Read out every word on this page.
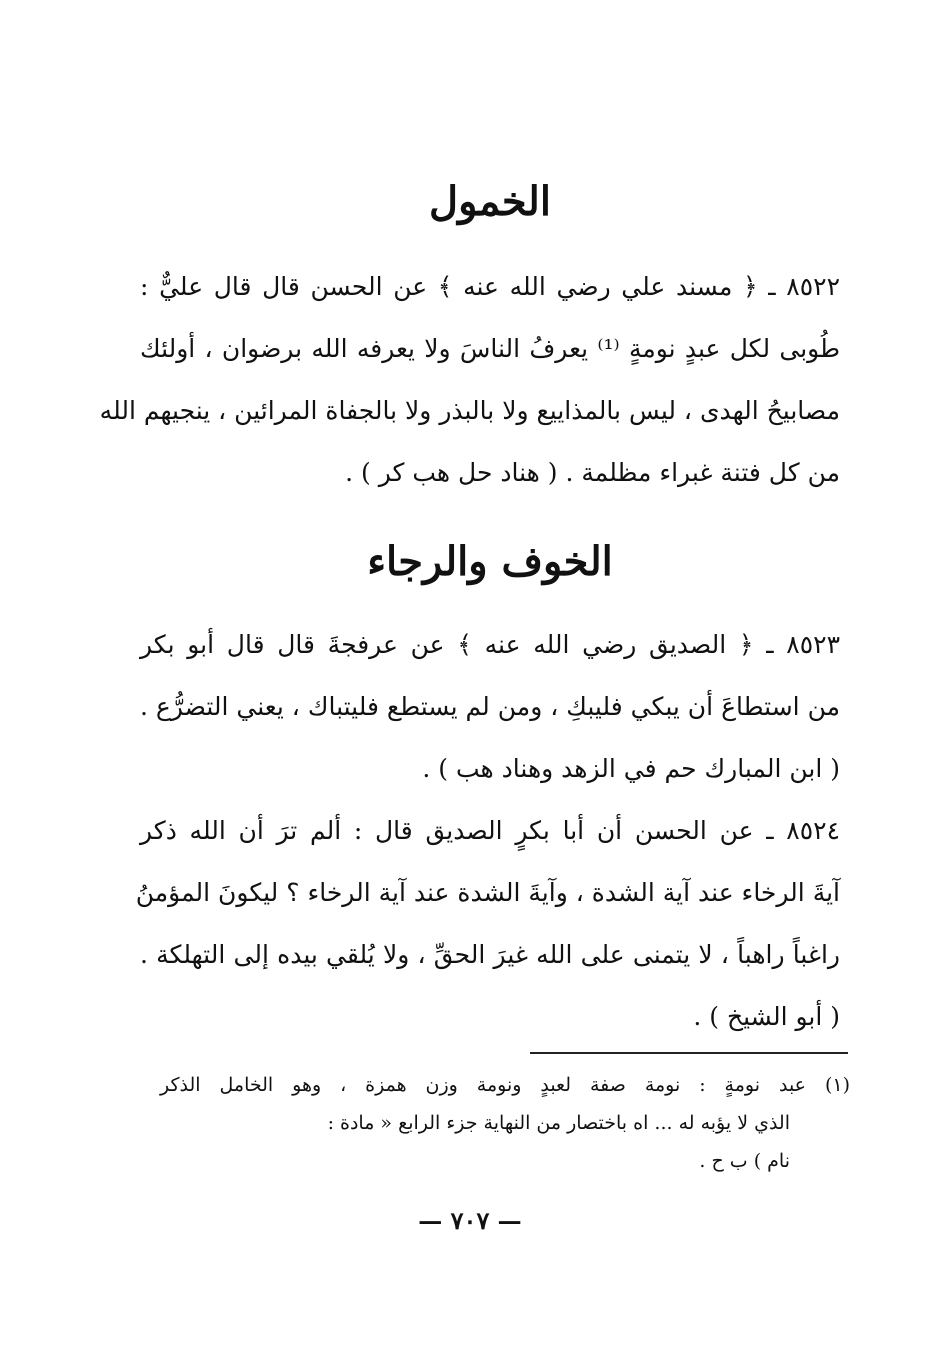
الخمول

٨٥٢٢ ـ ﴿ مسند علي رضي الله عنه ﴾ عن الحسن قال قال عليٌّ :
طُوبى لكل عبدٍ نومةٍ ⁽¹⁾ يعرفُ الناسَ ولا يعرفه الله برضوان ، أولئك
مصابيحُ الهدى ، ليس بالمذاييع ولا بالبذر ولا بالجفاة المرائين ، ينجيهم الله
من كل فتنة غبراء مظلمة . ( هناد حل هب كر ) .

الخوف والرجاء

٨٥٢٣ ـ ﴿ الصديق رضي الله عنه ﴾ عن عرفجةَ قال قال أبو بكر
من استطاعَ أن يبكي فليبكِ ، ومن لم يستطع فليتباك ، يعني التضرُّع .
( ابن المبارك حم في الزهد وهناد هب ) .

٨٥٢٤ ـ عن الحسن أن أبا بكرٍ الصديق قال : ألم ترَ أن الله ذكر
آيةَ الرخاء عند آية الشدة ، وآيةَ الشدة عند آية الرخاء ؟ ليكونَ المؤمنُ
راغباً راهباً ، لا يتمنى على الله غيرَ الحقِّ ، ولا يُلقي بيده إلى التهلكة .
( أبو الشيخ ) .

(١) عبد نومةٍ : نومة صفة لعبدٍ ونومة وزن همزة ، وهو الخامل الذكر
الذي لا يؤبه له ... اه باختصار من النهاية جزء الرابع « مادة :
نام ) ب ح .

— ٧٠٧ —
